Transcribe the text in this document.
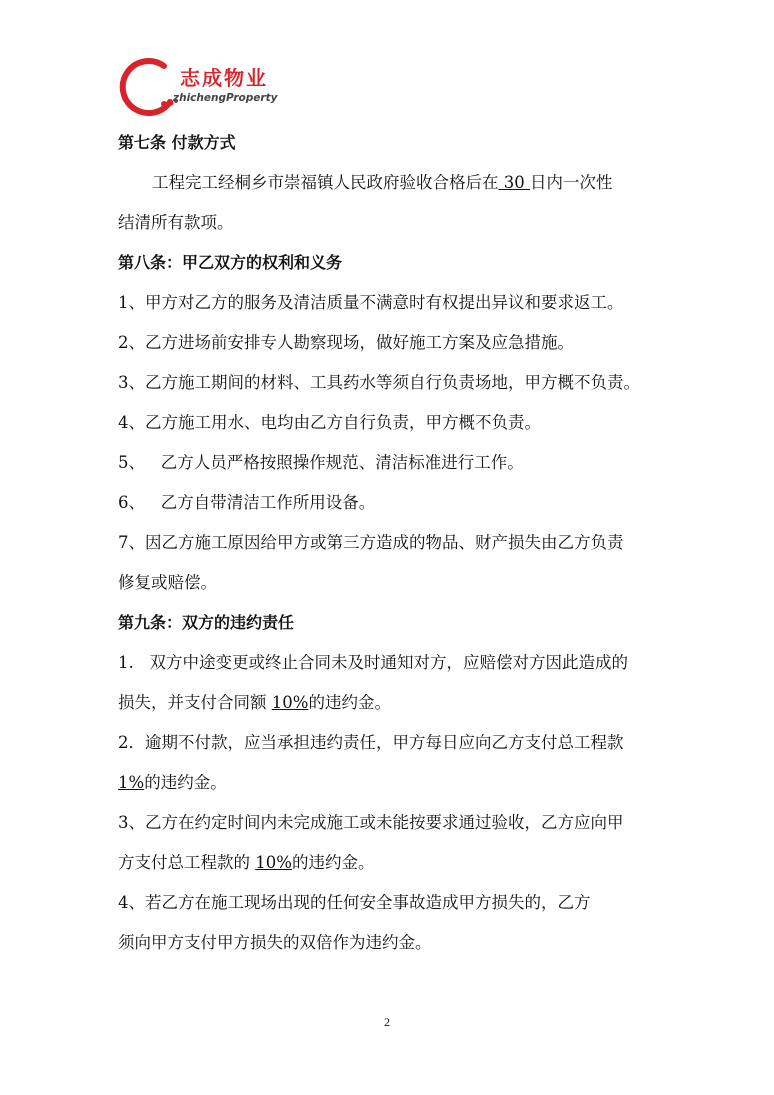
志成物业
zhichengProperty

第七条 付款方式

工程完工经桐乡市崇福镇人民政府验收合格后在 30 日内一次性

结清所有款项。

第八条：甲乙双方的权利和义务

1、甲方对乙方的服务及清洁质量不满意时有权提出异议和要求返工。

2、乙方进场前安排专人勘察现场，做好施工方案及应急措施。

3、乙方施工期间的材料、工具药水等须自行负责场地，甲方概不负责。

4、乙方施工用水、电均由乙方自行负责，甲方概不负责。

5、   乙方人员严格按照操作规范、清洁标准进行工作。

6、   乙方自带清洁工作所用设备。

7、因乙方施工原因给甲方或第三方造成的物品、财产损失由乙方负责

修复或赔偿。

第九条：双方的违约责任

1.   双方中途变更或终止合同未及时通知对方，应赔偿对方因此造成的

损失，并支付合同额 10%的违约金。

2．逾期不付款，应当承担违约责任，甲方每日应向乙方支付总工程款

1%的违约金。

3、乙方在约定时间内未完成施工或未能按要求通过验收，乙方应向甲

方支付总工程款的 10%的违约金。

4、若乙方在施工现场出现的任何安全事故造成甲方损失的，乙方

须向甲方支付甲方损失的双倍作为违约金。

2
